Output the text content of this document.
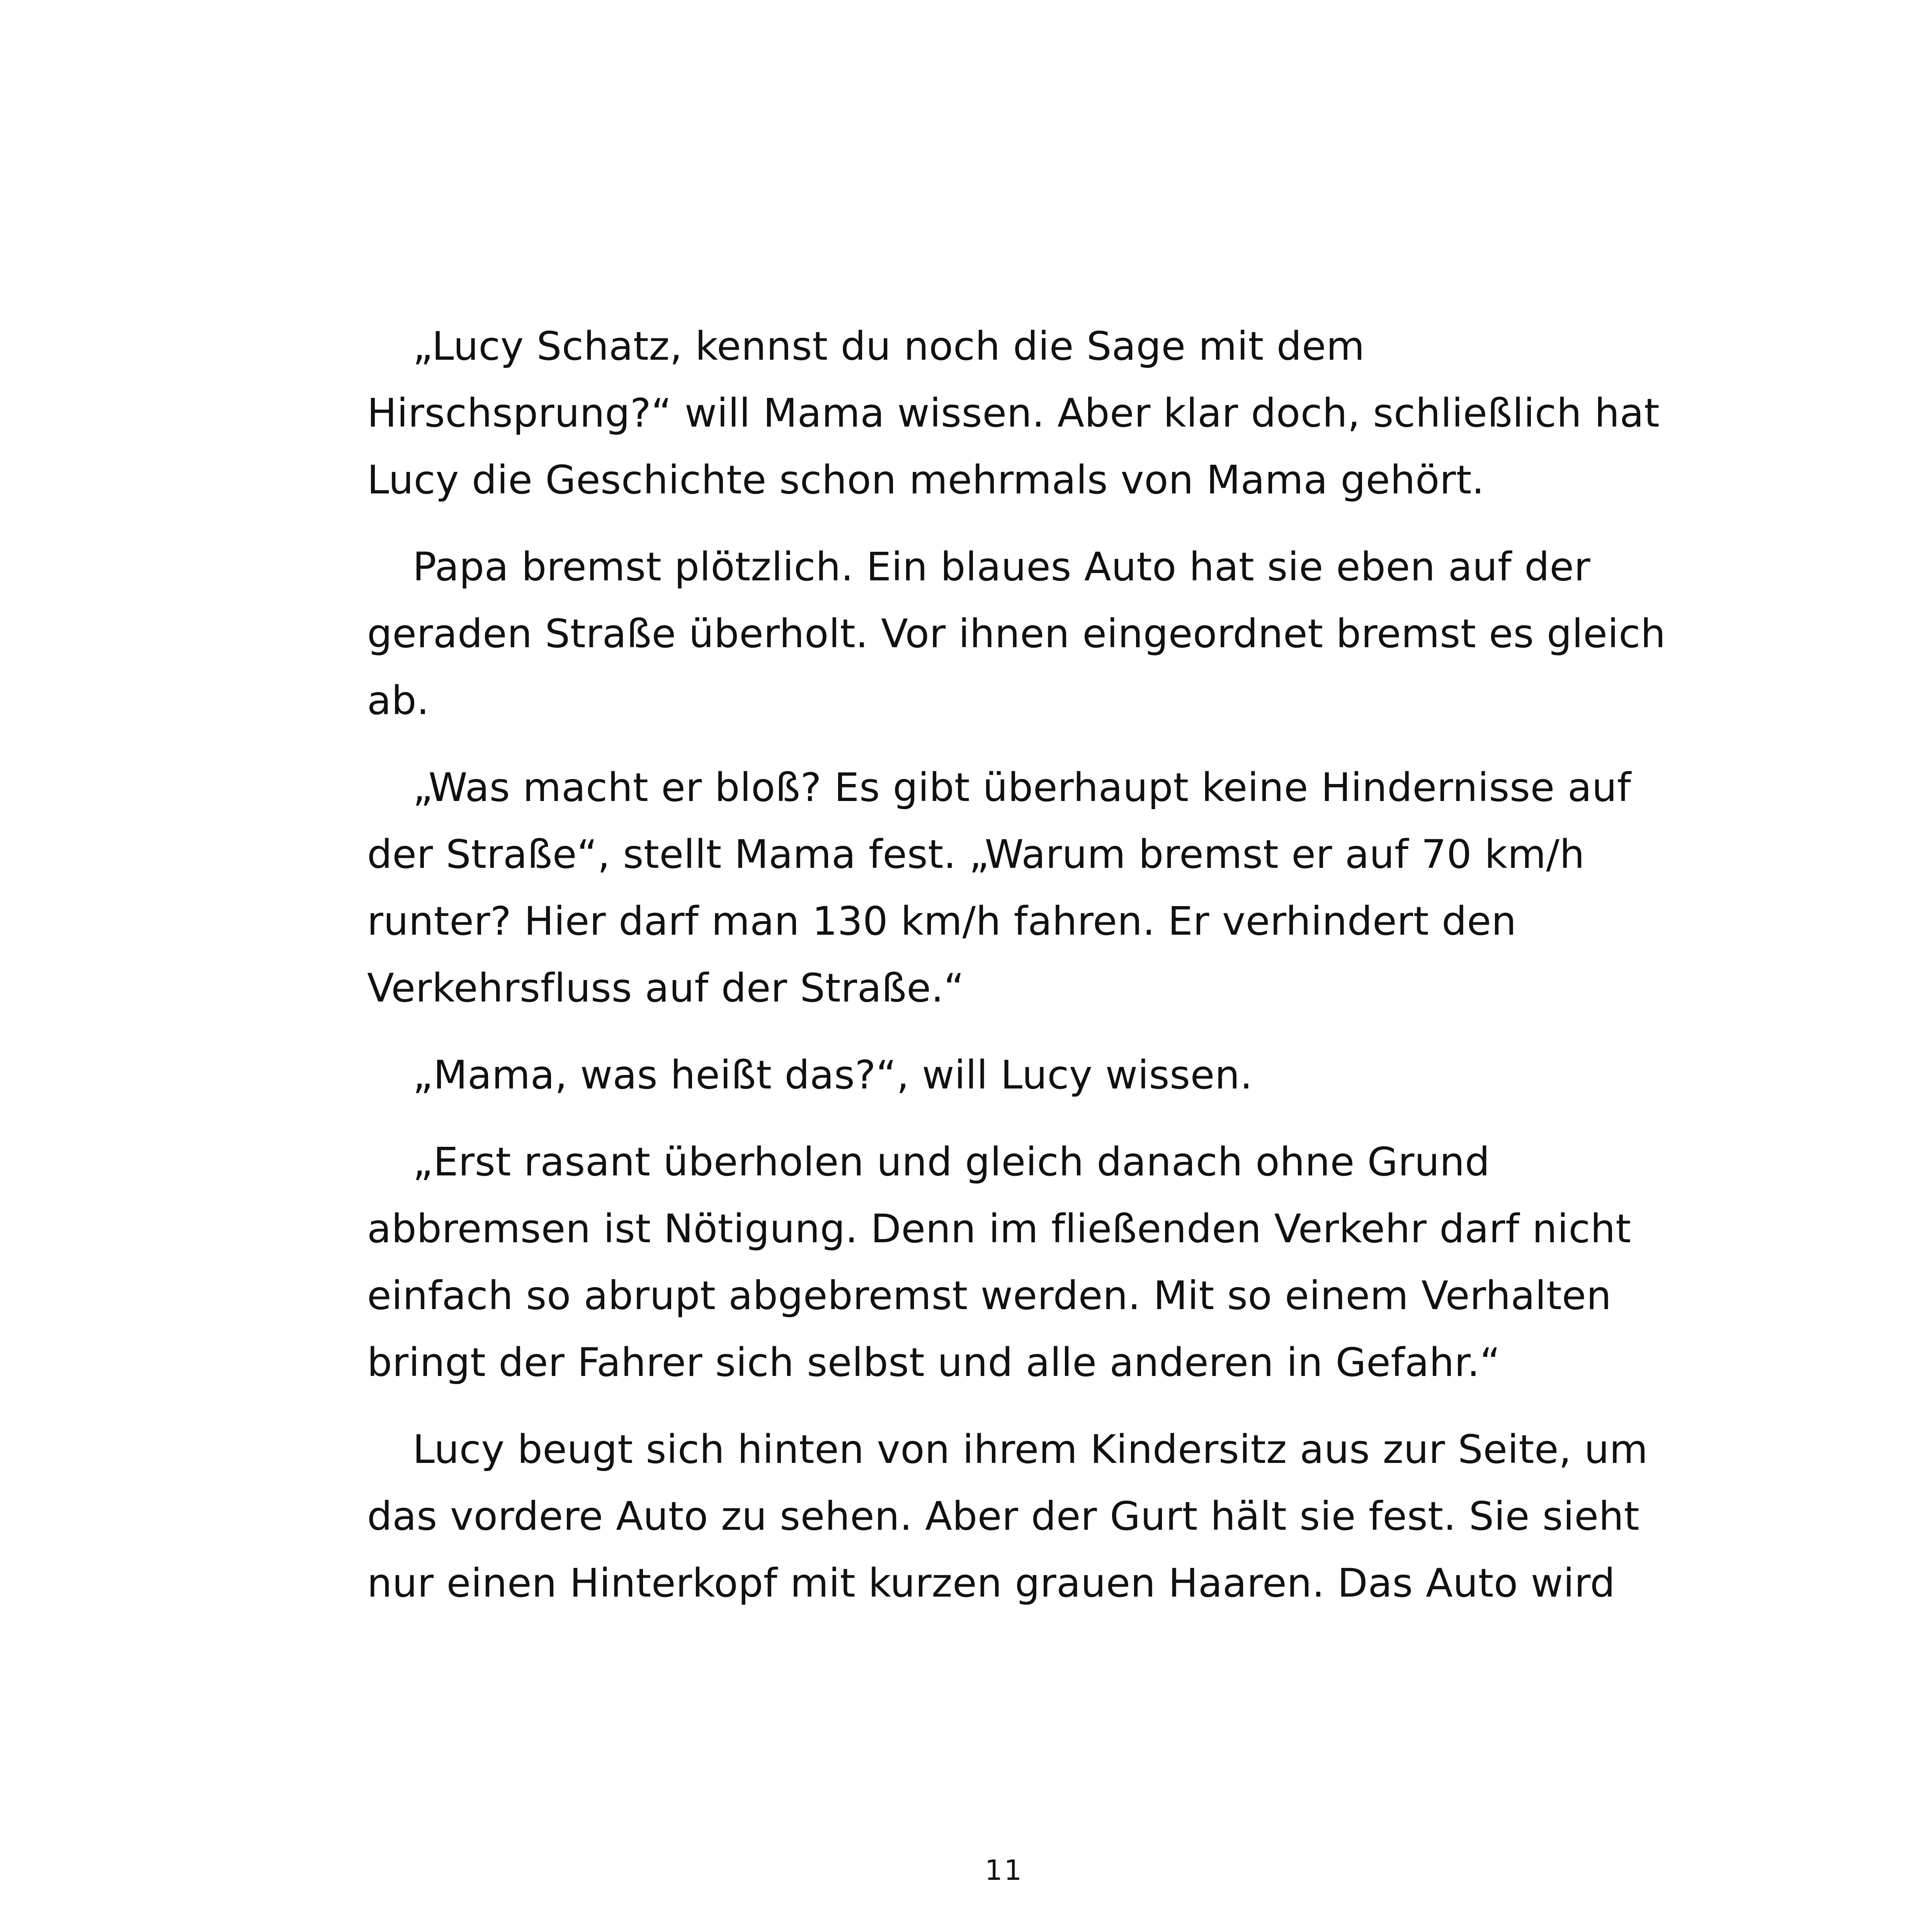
„Lucy Schatz, kennst du noch die Sage mit dem Hirschsprung?“ will Mama wissen. Aber klar doch, schließlich hat Lucy die Geschichte schon mehrmals von Mama gehört.

Papa bremst plötzlich. Ein blaues Auto hat sie eben auf der geraden Straße überholt. Vor ihnen eingeordnet bremst es gleich ab.

„Was macht er bloß? Es gibt überhaupt keine Hindernisse auf der Straße“, stellt Mama fest. „Warum bremst er auf 70 km/h runter? Hier darf man 130 km/h fahren. Er verhindert den Verkehrsfluss auf der Straße.“

„Mama, was heißt das?“, will Lucy wissen.

„Erst rasant überholen und gleich danach ohne Grund abbremsen ist Nötigung. Denn im fließenden Verkehr darf nicht einfach so abrupt abgebremst werden. Mit so einem Verhalten bringt der Fahrer sich selbst und alle anderen in Gefahr.“

Lucy beugt sich hinten von ihrem Kindersitz aus zur Seite, um das vordere Auto zu sehen. Aber der Gurt hält sie fest. Sie sieht nur einen Hinterkopf mit kurzen grauen Haaren. Das Auto wird

11
